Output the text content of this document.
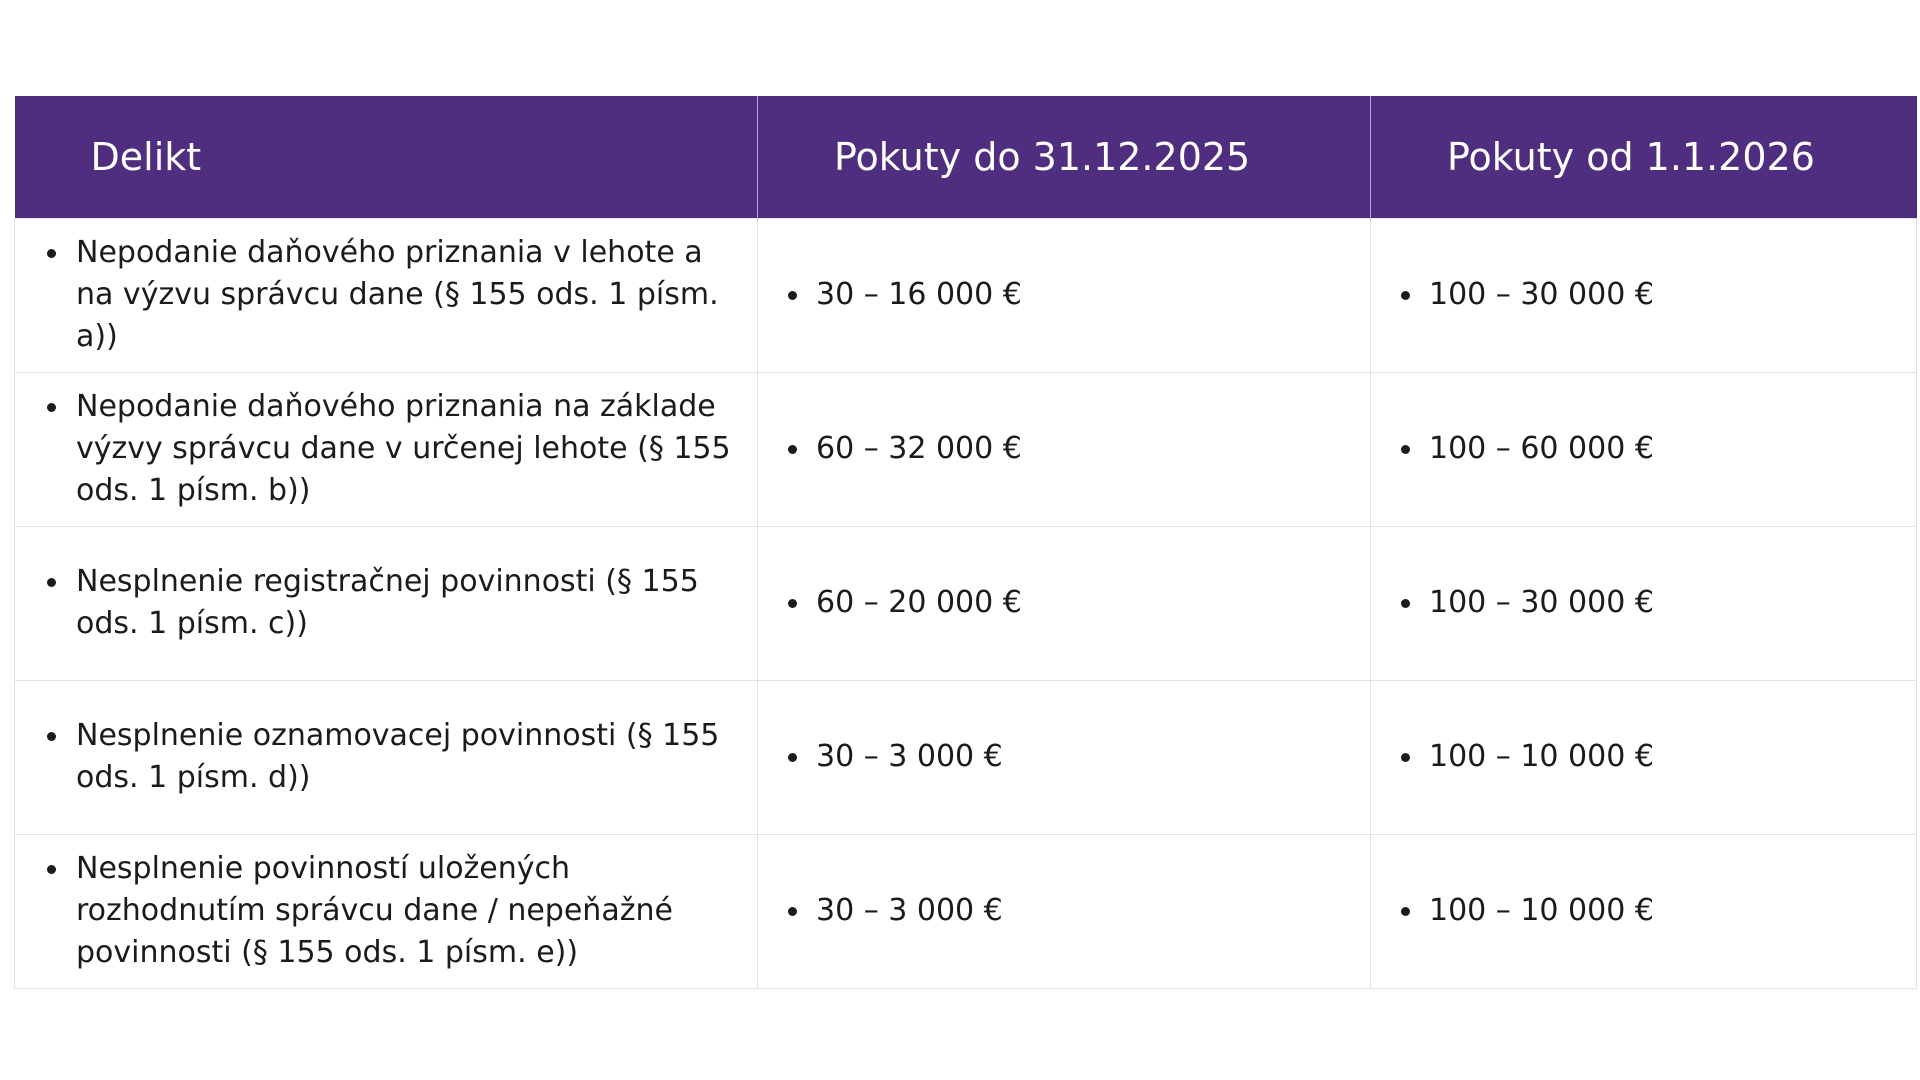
Delikt	Pokuty do 31.12.2025	Pokuty od 1.1.2026

Nepodanie daňového priznania v lehote a na výzvu správcu dane (§ 155 ods. 1 písm. a))	30 – 16 000 €	100 – 30 000 €

Nepodanie daňového priznania na základe výzvy správcu dane v určenej lehote (§ 155 ods. 1 písm. b))	60 – 32 000 €	100 – 60 000 €

Nesplnenie registračnej povinnosti (§ 155 ods. 1 písm. c))	60 – 20 000 €	100 – 30 000 €

Nesplnenie oznamovacej povinnosti (§ 155 ods. 1 písm. d))	30 – 3 000 €	100 – 10 000 €

Nesplnenie povinností uložených rozhodnutím správcu dane / nepeňažné povinnosti (§ 155 ods. 1 písm. e))	30 – 3 000 €	100 – 10 000 €
